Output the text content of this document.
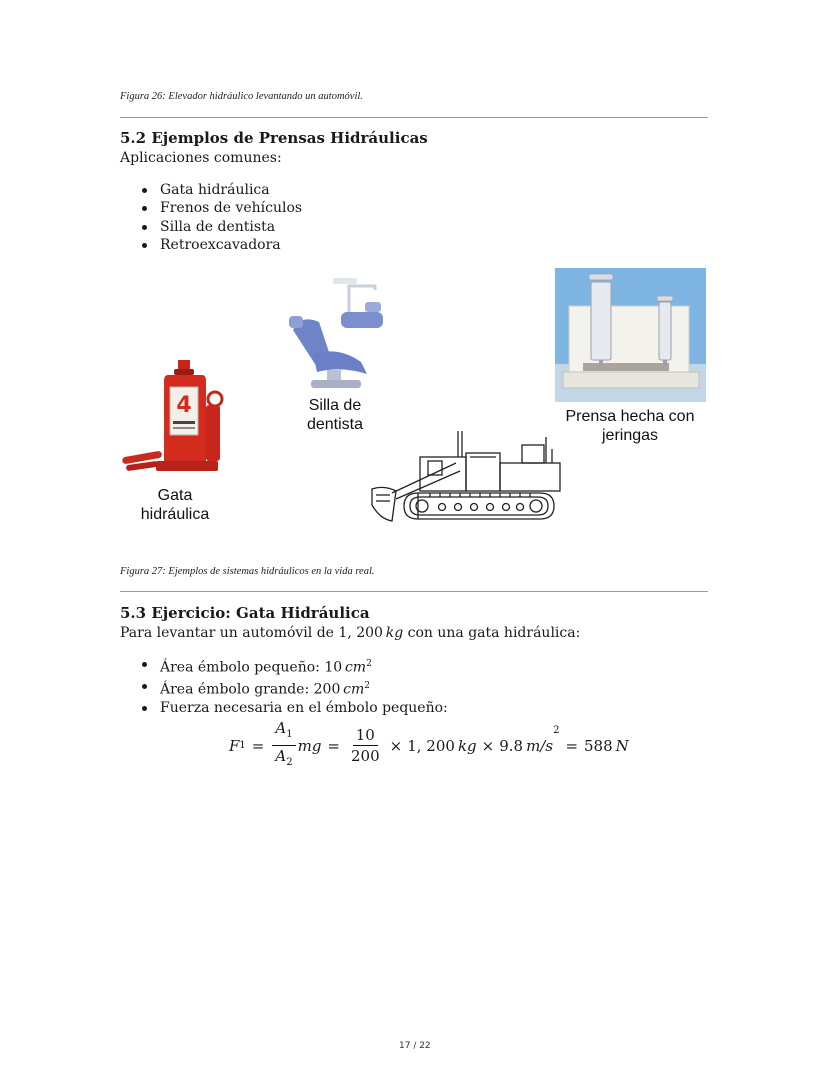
Figura 26: Elevador hidráulico levantando un automóvil.
5.2 Ejemplos de Prensas Hidráulicas
Aplicaciones comunes:
Gata hidráulica
Frenos de vehículos
Silla de dentista
Retroexcavadora
4
Gata
hidráulica
Silla de
dentista	Prensa hecha con
jeringas
Figura 27: Ejemplos de sistemas hidráulicos en la vida real.
5.3 Ejercicio: Gata Hidráulica
Para levantar un automóvil de 1, 200  kg con una gata hidráulica:
Área émbolo pequeño: 10  $cm^2$
Área émbolo grande: 200  $cm^2$
Fuerza necesaria en el émbolo pequeño:
F $1 = \frac{A_1}{A_2}$ mg = $\frac{10}{200} \times 1$, 200
  kg × 9.8
  m/s
2
= 588
  N
17 / 22
